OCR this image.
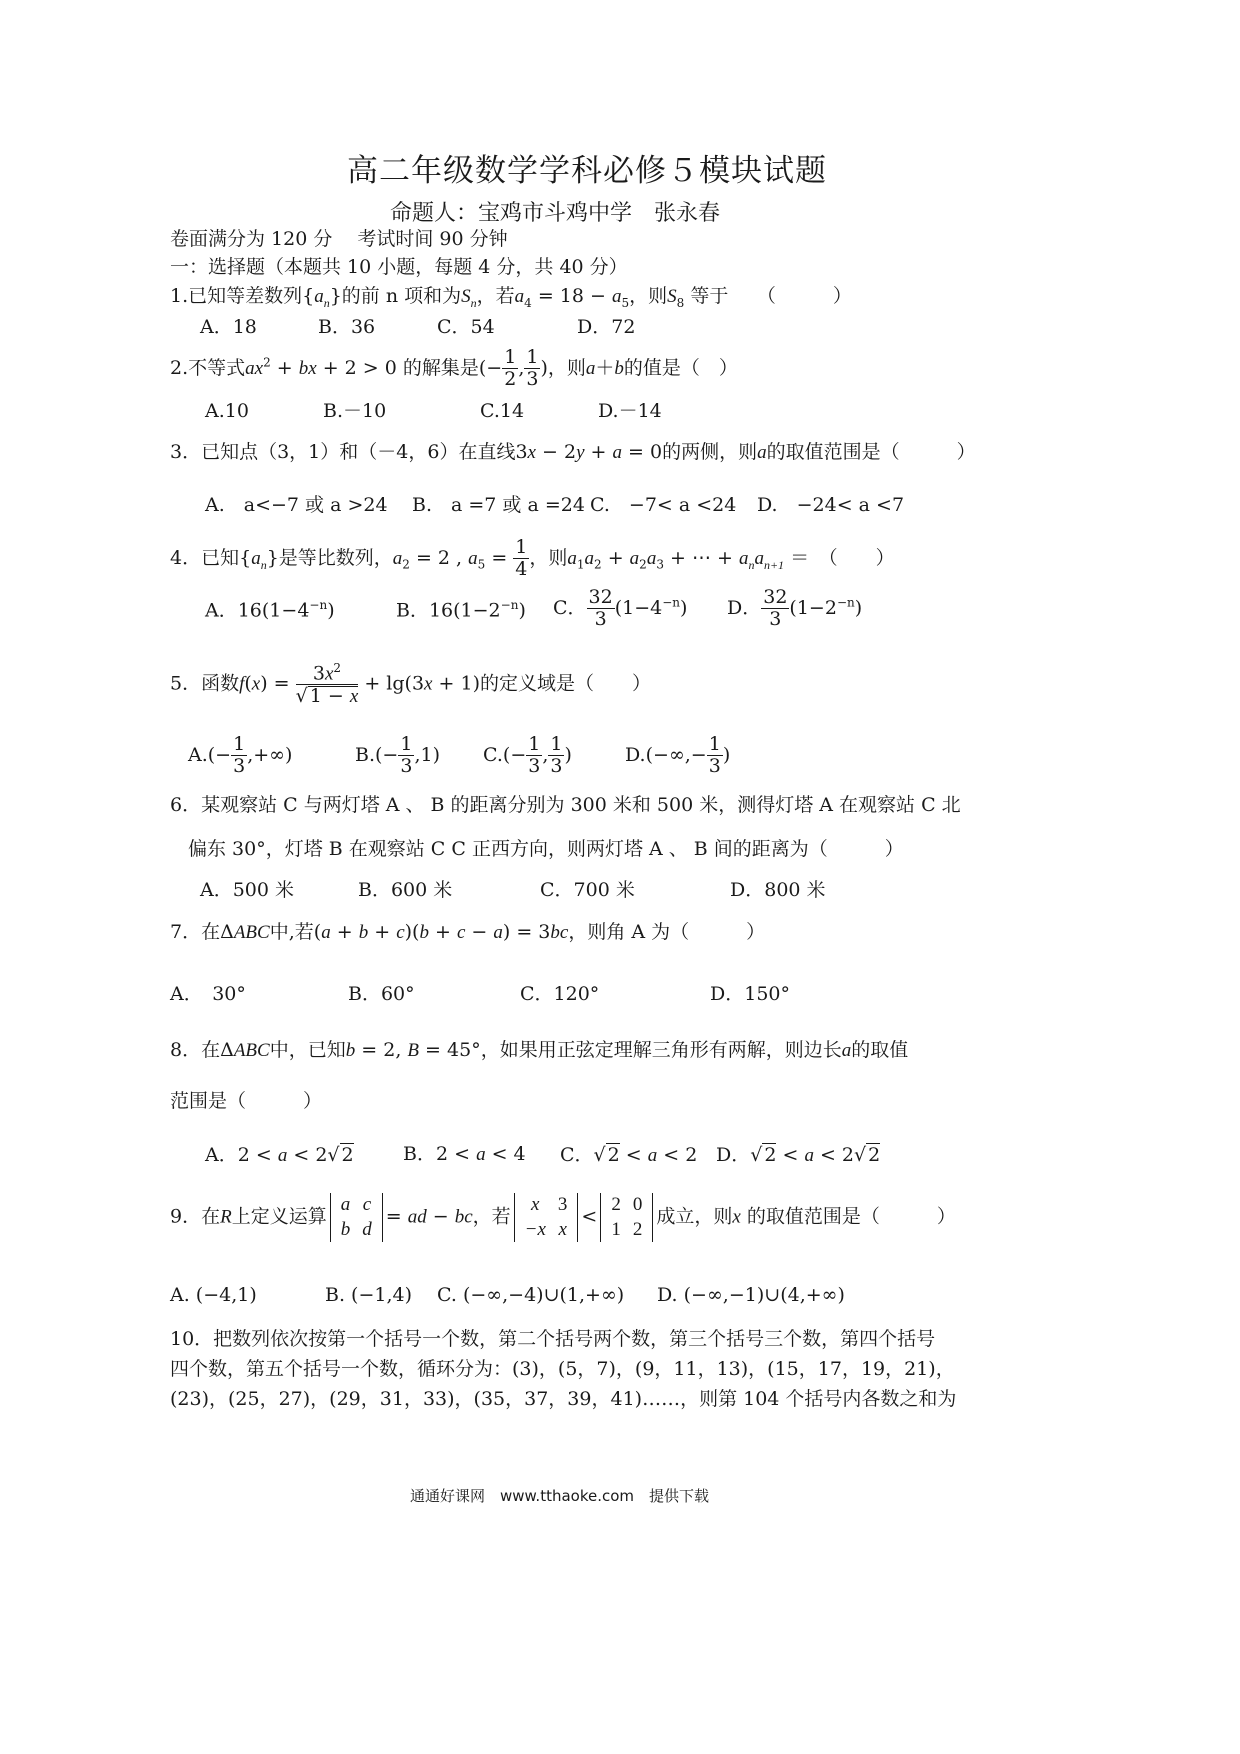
高二年级数学学科必修５模块试题
命题人：宝鸡市斗鸡中学　张永春
卷面满分为 120 分　 考试时间 90 分钟
一：选择题（本题共 10 小题，每题 4 分，共 40 分）
1.已知等差数列$\{a_n\}$的前 n 项和为$S_n$，若$a_4 = 18 - a_5$，则$S_8$ 等于　　（　　　）
A．18	B．36	C．54	D．72
2.不等式$ax^2$ + bx + 2 > 0 的解集是(− $\frac{1}{2}$ , $\frac{1}{3}$ )，则a＋b的值是（　）
A.10	B.－10	C.14	D.－14
3．已知点（3，1）和（－4，6）在直线3x − 2y + a = 0的两侧，则a的取值范围是（　　　）
A.　a<−7 或 a >24 B.　a =7 或 a =24 C.　−7< a <24 D.　−24< a <7
4．已知$\{a_n\}$是等比数列，$a_2 = 2$ , $a_5 = \frac{1}{4}$ ，则$a_1a_2 + a_2a_3$ + ⋯ + $a_na_{n+1}$ ＝　（　　）
A．$16(1-4^{-n})$	B．$16(1-2^{-n})$ C． $\frac{32}{3} (1-4^{-n})$ D． $\frac{32}{3} (1-2^{-n})$
5．函数$f(x) = \frac{3x^2}{√ 1 - x} + \lg(3x + 1)$的定义域是（　　）
$A.(- \frac{1}{3}$ ,+∞)	$B.(- \frac{1}{3} ,1)$ $C.(- \frac{1}{3}$ , $\frac{1}{3}$ )	$D.(-\infty,- \frac{1}{3}$ )
6．某观察站 C 与两灯塔 A 、 B 的距离分别为 300 米和 500 米，测得灯塔 A 在观察站 C 北
偏东 30°，灯塔 B 在观察站 C C 正西方向，则两灯塔 A 、 B 间的距离为（　　　）
A．500 米	B．600 米	C．700 米	D．800 米
7．在ΔABC中,若(a + b + c)(b + c − a) = 3bc，则角 A 为（　　　）
A．　30°	B．60°	C．120°	D．150°
8．在ΔABC中，已知b = 2, B = 45°，如果用正弦定理解三角形有两解，则边长a的取值
范围是（　　　）
A．2 < a < 2√ 2	B．2 < a < 4 C．√ 2 < a < 2 D．√ 2 < a < 2√ 2
9．在R上定义运算
a	c
b	d
= ad − bc，若
x	3
−x	x
<
2	0
1	2
成立，则x 的取值范围是（　　　）
A. (−4,1)	B. (−1,4) C. (−∞,−4)∪(1,+∞) D. (−∞,−1)∪(4,+∞)
10．把数列依次按第一个括号一个数，第二个括号两个数，第三个括号三个数，第四个括号
四个数，第五个括号一个数，循环分为：(3)，(5，7)，(9，11，13)，(15，17，19，21)，
(23)，(25，27)，(29，31，33)，(35，37，39，41)……，则第 104 个括号内各数之和为
通通好课网　www.tthaoke.com　提供下载
